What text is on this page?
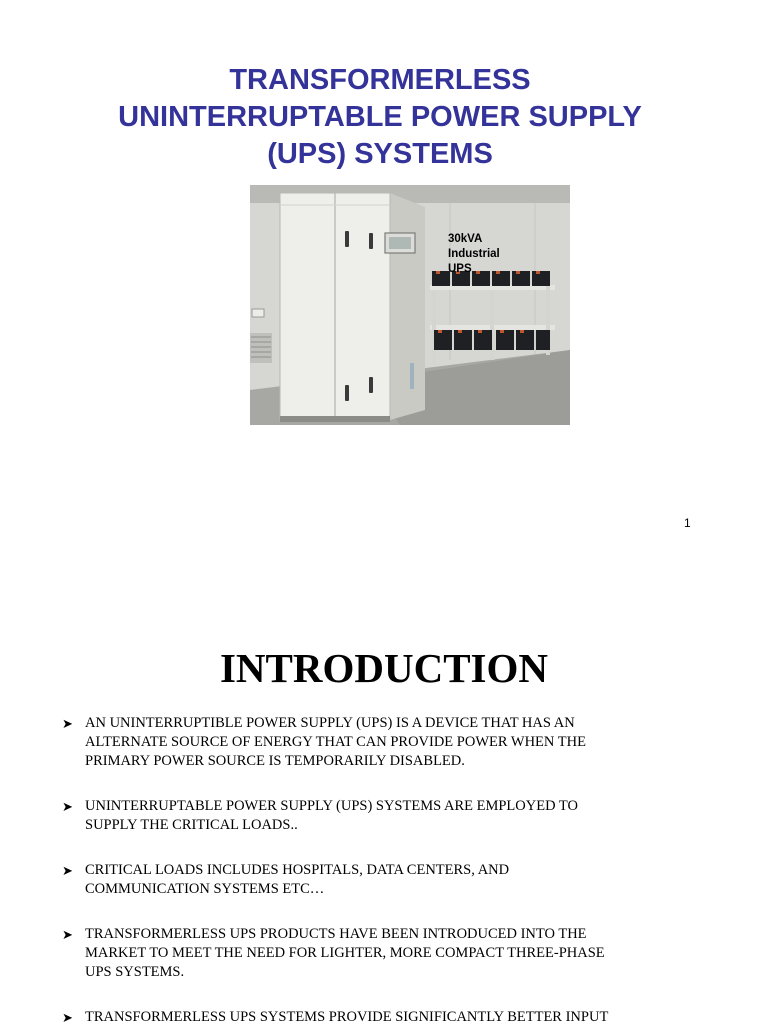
TRANSFORMERLESS
UNINTERRUPTABLE POWER SUPPLY
(UPS) SYSTEMS
30kVA
Industrial
UPS
1
INTRODUCTION
➤ AN UNINTERRUPTIBLE POWER SUPPLY (UPS) IS A DEVICE THAT HAS AN
ALTERNATE SOURCE OF ENERGY THAT CAN PROVIDE POWER WHEN THE
PRIMARY POWER SOURCE IS TEMPORARILY DISABLED.
➤ UNINTERRUPTABLE POWER SUPPLY (UPS) SYSTEMS ARE EMPLOYED TO
SUPPLY THE CRITICAL LOADS..
➤ CRITICAL LOADS INCLUDES HOSPITALS, DATA CENTERS, AND
COMMUNICATION SYSTEMS ETC…
➤ TRANSFORMERLESS UPS PRODUCTS HAVE BEEN INTRODUCED INTO THE
MARKET TO MEET THE NEED FOR LIGHTER, MORE COMPACT THREE-PHASE
UPS SYSTEMS.
➤ TRANSFORMERLESS UPS SYSTEMS PROVIDE SIGNIFICANTLY BETTER INPUT
